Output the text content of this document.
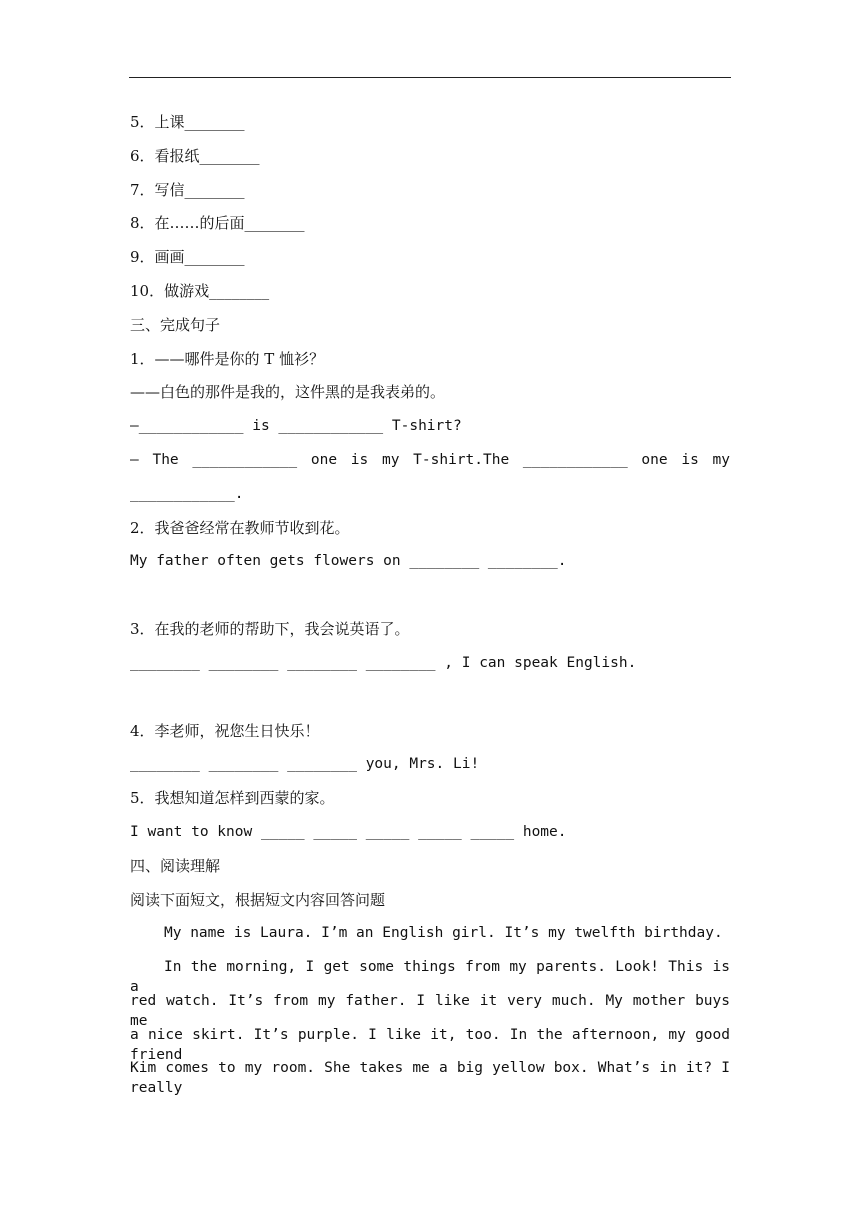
5．上课________
6．看报纸________
7．写信________
8．在……的后面________
9．画画________
10．做游戏________
三、完成句子
1．——哪件是你的 T 恤衫？
——白色的那件是我的，这件黑的是我表弟的。
—____________ is ____________ T-shirt?
— The ____________ one is my T-shirt.The ____________ one is my
____________.
2．我爸爸经常在教师节收到花。
My father often gets flowers on ________ ________.
3．在我的老师的帮助下，我会说英语了。
________ ________ ________ ________ , I can speak English.
4．李老师，祝您生日快乐！
________ ________ ________ you, Mrs. Li!
5．我想知道怎样到西蒙的家。
I want to know _____ _____ _____ _____ _____ home.
四、阅读理解
阅读下面短文，根据短文内容回答问题
My name is Laura. I’m an English girl. It’s my twelfth birthday.
In the morning, I get some things from my parents. Look! This is a
red watch. It’s from my father. I like it very much. My mother buys me
a nice skirt. It’s purple. I like it, too. In the afternoon, my good friend
Kim comes to my room. She takes me a big yellow box. What’s in it? I really
